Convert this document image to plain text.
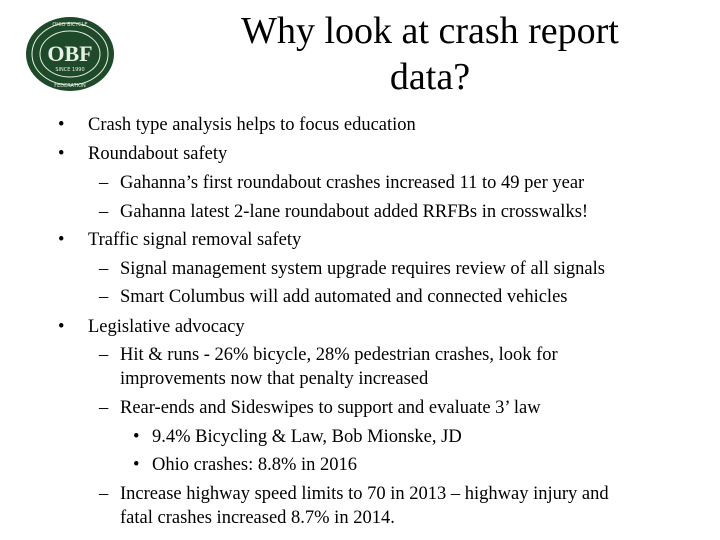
OHIO BICYCLE
OBF
SINCE 1990
FEDERATION
Why look at crash report
data?
• Crash type analysis helps to focus education
• Roundabout safety
– Gahanna’s first roundabout crashes increased 11 to 49 per year
– Gahanna latest 2-lane roundabout added RRFBs in crosswalks!
• Traffic signal removal safety
– Signal management system upgrade requires review of all signals
– Smart Columbus will add automated and connected vehicles
• Legislative advocacy
– Hit & runs - 26% bicycle, 28% pedestrian crashes, look for
improvements now that penalty increased
– Rear-ends and Sideswipes to support and evaluate 3’ law
• 9.4% Bicycling & Law, Bob Mionske, JD
• Ohio crashes: 8.8% in 2016
– Increase highway speed limits to 70 in 2013 – highway injury and
fatal crashes increased 8.7% in 2014.
